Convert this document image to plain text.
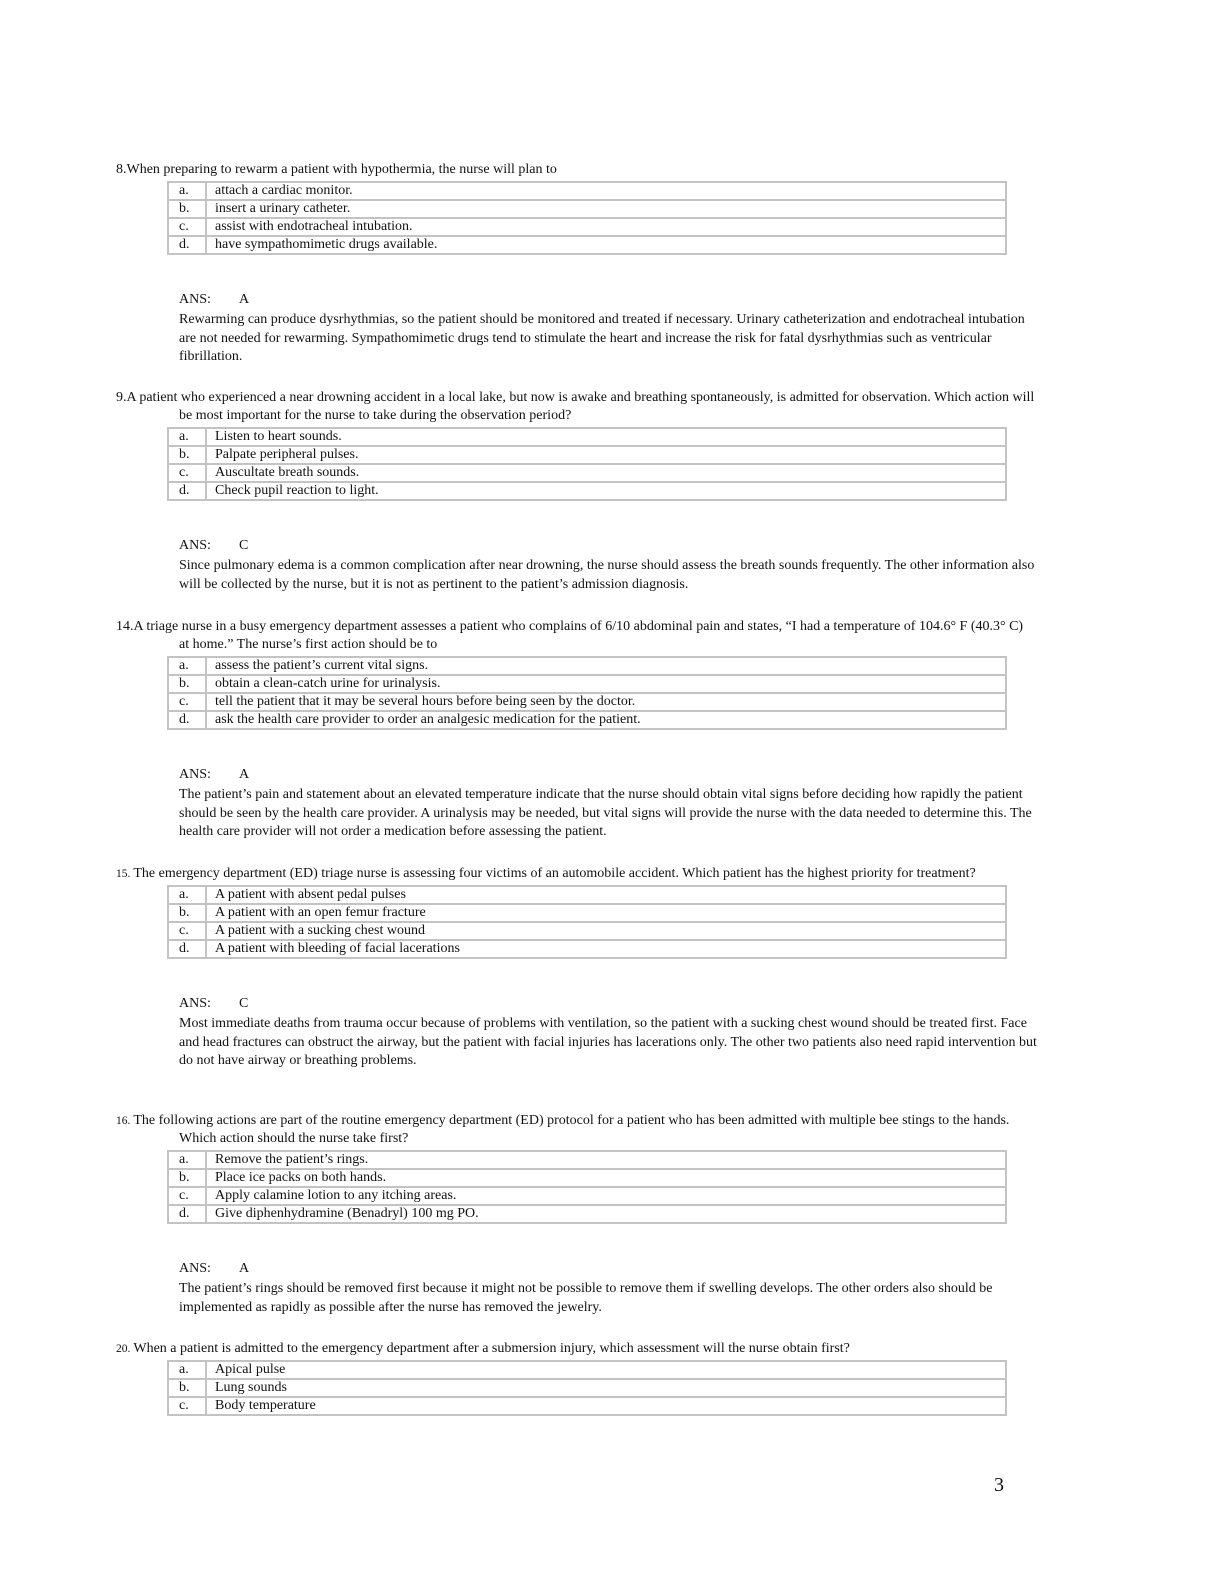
8.When preparing to rewarm a patient with hypothermia, the nurse will plan to

a.	attach a cardiac monitor.
b.	insert a urinary catheter.
c.	assist with endotracheal intubation.
d.	have sympathomimetic drugs available.

ANS: A

Rewarming can produce dysrhythmias, so the patient should be monitored and treated if necessary. Urinary catheterization and endotracheal intubation are not needed for rewarming. Sympathomimetic drugs tend to stimulate the heart and increase the risk for fatal dysrhythmias such as ventricular fibrillation.

9.A patient who experienced a near drowning accident in a local lake, but now is awake and breathing spontaneously, is admitted for observation. Which action will be most important for the nurse to take during the observation period?

a.	Listen to heart sounds.
b.	Palpate peripheral pulses.
c.	Auscultate breath sounds.
d.	Check pupil reaction to light.

ANS: C

Since pulmonary edema is a common complication after near drowning, the nurse should assess the breath sounds frequently. The other information also will be collected by the nurse, but it is not as pertinent to the patient’s admission diagnosis.

14.A triage nurse in a busy emergency department assesses a patient who complains of 6/10 abdominal pain and states, “I had a temperature of 104.6° F (40.3° C) at home.” The nurse’s first action should be to

a.	assess the patient’s current vital signs.
b.	obtain a clean-catch urine for urinalysis.
c.	tell the patient that it may be several hours before being seen by the doctor.
d.	ask the health care provider to order an analgesic medication for the patient.

ANS: A

The patient’s pain and statement about an elevated temperature indicate that the nurse should obtain vital signs before deciding how rapidly the patient should be seen by the health care provider. A urinalysis may be needed, but vital signs will provide the nurse with the data needed to determine this. The health care provider will not order a medication before assessing the patient.

15. The emergency department (ED) triage nurse is assessing four victims of an automobile accident. Which patient has the highest priority for treatment?

a.	A patient with absent pedal pulses
b.	A patient with an open femur fracture
c.	A patient with a sucking chest wound
d.	A patient with bleeding of facial lacerations

ANS: C

Most immediate deaths from trauma occur because of problems with ventilation, so the patient with a sucking chest wound should be treated first. Face and head fractures can obstruct the airway, but the patient with facial injuries has lacerations only. The other two patients also need rapid intervention but do not have airway or breathing problems.

16. The following actions are part of the routine emergency department (ED) protocol for a patient who has been admitted with multiple bee stings to the hands. Which action should the nurse take first?

a.	Remove the patient’s rings.
b.	Place ice packs on both hands.
c.	Apply calamine lotion to any itching areas.
d.	Give diphenhydramine (Benadryl) 100 mg PO.

ANS: A

The patient’s rings should be removed first because it might not be possible to remove them if swelling develops. The other orders also should be implemented as rapidly as possible after the nurse has removed the jewelry.

20. When a patient is admitted to the emergency department after a submersion injury, which assessment will the nurse obtain first?

a.	Apical pulse
b.	Lung sounds
c.	Body temperature
3
